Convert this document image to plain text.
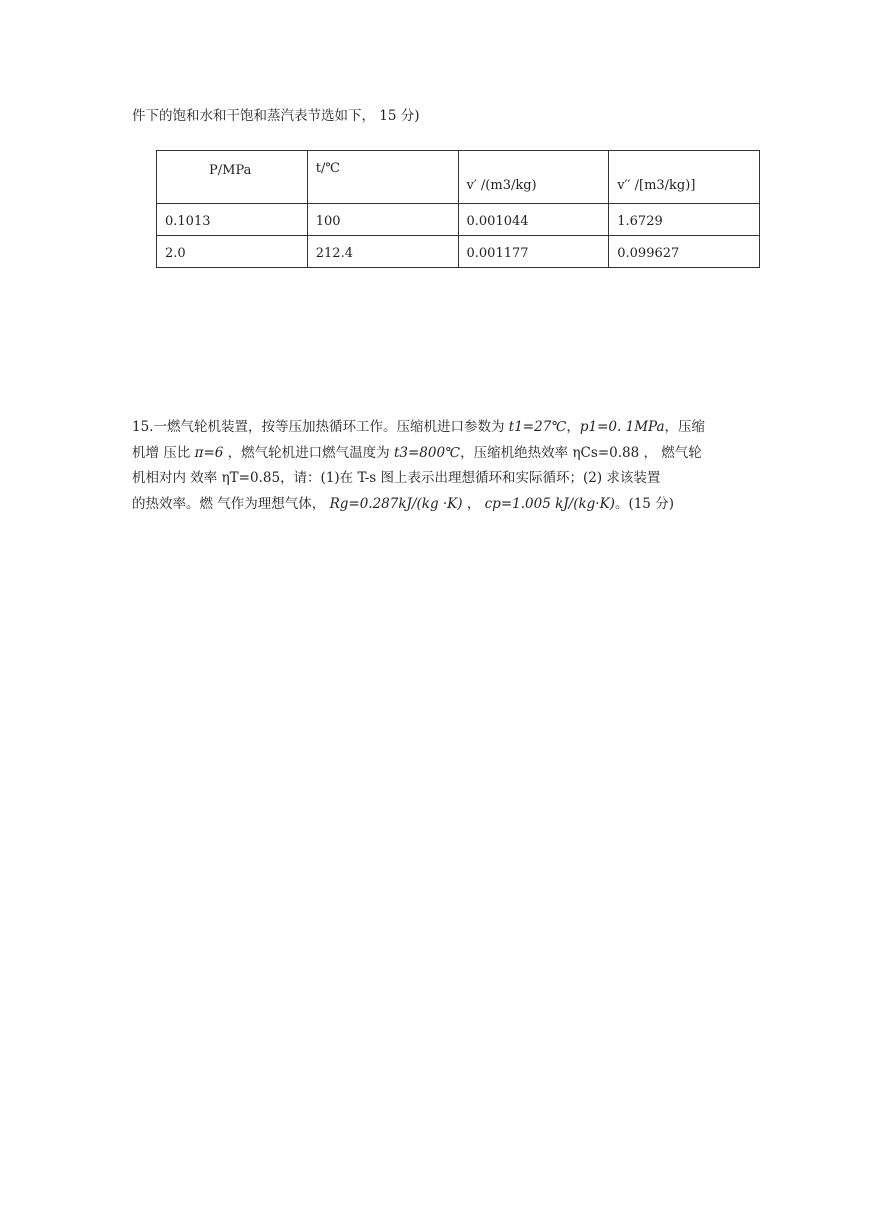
件下的饱和水和干饱和蒸汽表节选如下， 15 分)

P/MPa	t/℃	v′ /(m3/kg)	v′′ /[m3/kg)]
0.1013	100	0.001044	1.6729
2.0	212.4	0.001177	0.099627
15.一燃气轮机装置，按等压加热循环工作。压缩机进口参数为 t1=27℃，p1=0. 1MPa，压缩
机增 压比 π=6 ，燃气轮机进口燃气温度为 t3=800℃，压缩机绝热效率 ηCs=0.88 ， 燃气轮
机相对内 效率 ηT=0.85，请：(1)在 T-s 图上表示出理想循环和实际循环；(2) 求该装置
的热效率。燃 气作为理想气体， Rg=0.287kJ/(kg ·K) ， cp=1.005 kJ/(kg·K)。(15 分)
